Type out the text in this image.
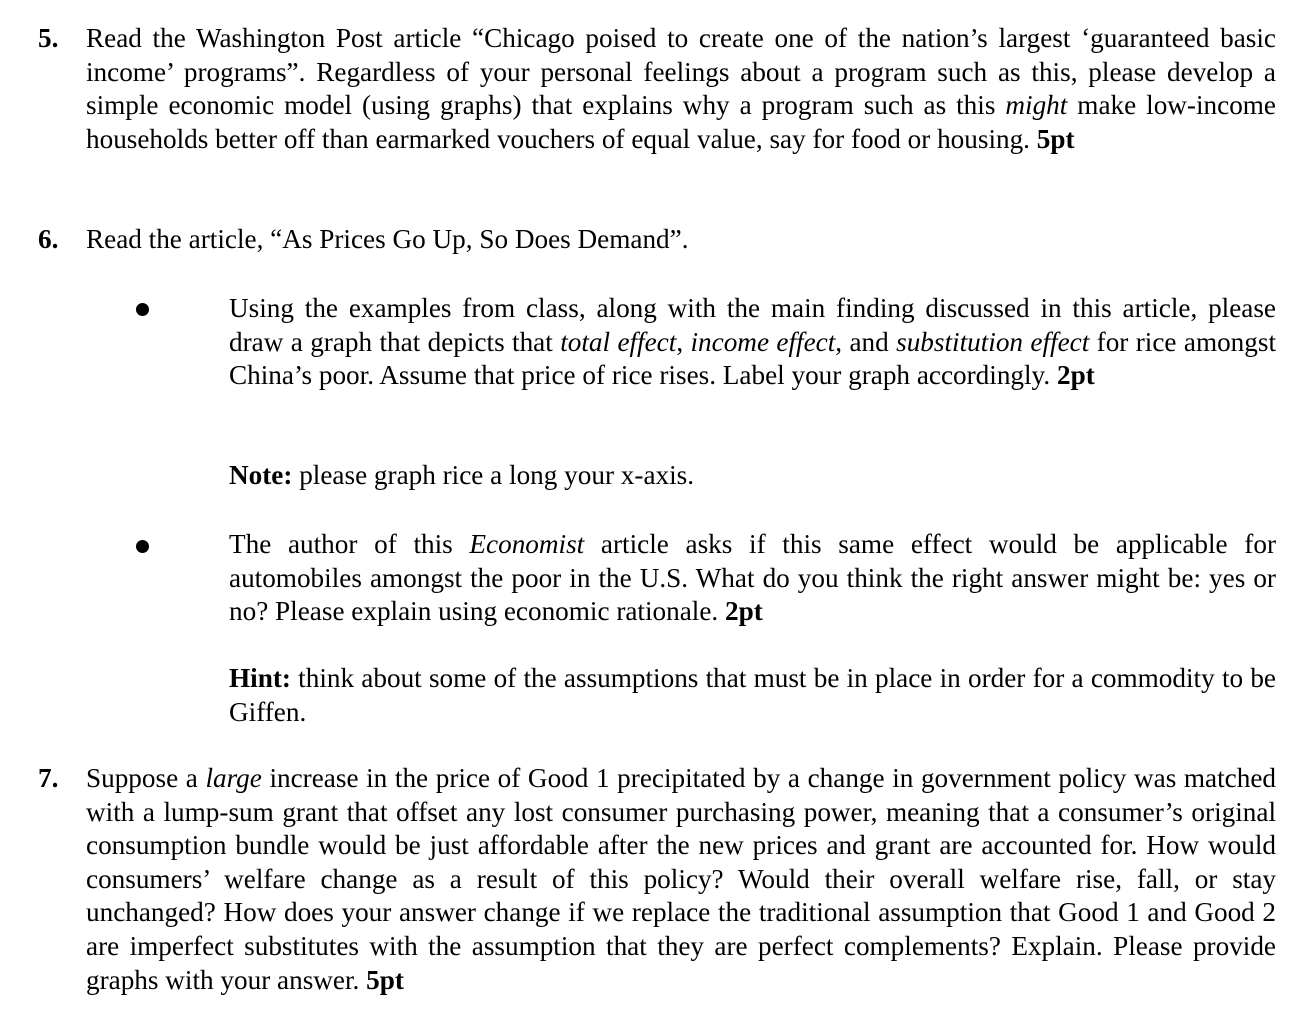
5. Read the Washington Post article “Chicago poised to create one of the nation’s largest ‘guaranteed basic income’ programs”. Regardless of your personal feelings about a program such as this, please develop a simple economic model (using graphs) that explains why a program such as this might make low-income households better off than earmarked vouchers of equal value, say for food or housing. 5pt
6. Read the article, “As Prices Go Up, So Does Demand”.
Using the examples from class, along with the main finding discussed in this article, please draw a graph that depicts that total effect, income effect, and substitution effect for rice amongst China’s poor. Assume that price of rice rises. Label your graph accordingly. 2pt
Note: please graph rice a long your x-axis.
The author of this Economist article asks if this same effect would be applicable for automobiles amongst the poor in the U.S. What do you think the right answer might be: yes or no? Please explain using economic rationale. 2pt
Hint: think about some of the assumptions that must be in place in order for a commodity to be Giffen.
7. Suppose a large increase in the price of Good 1 precipitated by a change in government policy was matched with a lump-sum grant that offset any lost consumer purchasing power, meaning that a consumer’s original consumption bundle would be just affordable after the new prices and grant are accounted for. How would consumers’ welfare change as a result of this policy? Would their overall welfare rise, fall, or stay unchanged? How does your answer change if we replace the traditional assumption that Good 1 and Good 2 are imperfect substitutes with the assumption that they are perfect complements? Explain. Please provide graphs with your answer. 5pt
